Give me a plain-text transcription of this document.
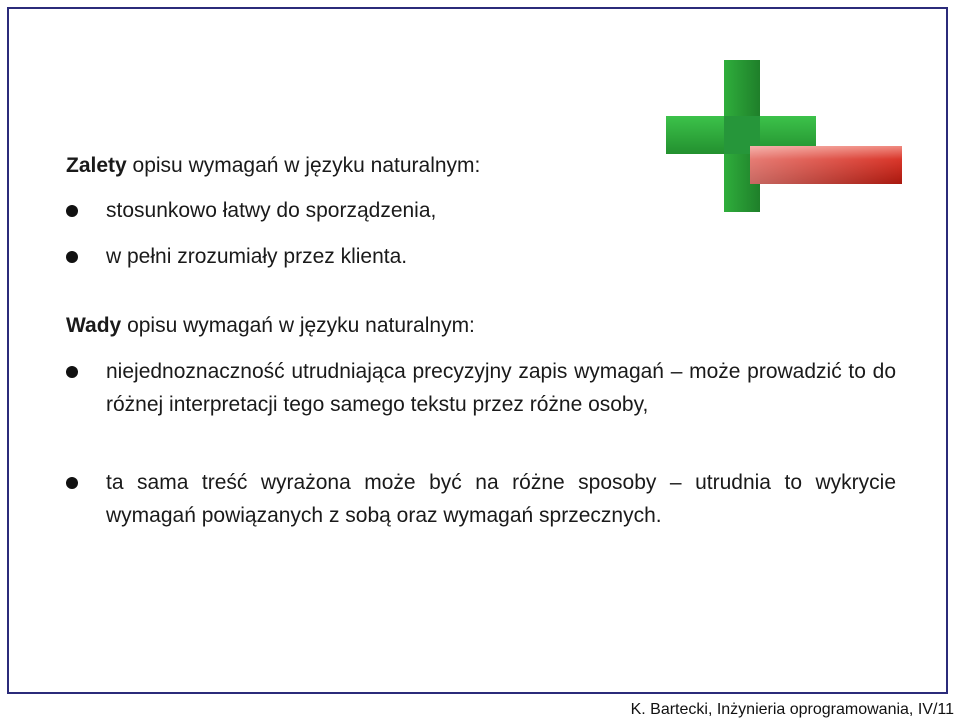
Zalety opisu wymagań w języku naturalnym:
stosunkowo łatwy do sporządzenia,
w pełni zrozumiały przez klienta.
Wady opisu wymagań w języku naturalnym:
niejednoznaczność utrudniająca precyzyjny zapis wymagań – może prowadzić to do różnej interpretacji tego samego tekstu przez różne osoby,
ta sama treść wyrażona może być na różne sposoby – utrudnia to wykrycie wymagań powiązanych z sobą oraz wymagań sprzecznych.
K. Bartecki, Inżynieria oprogramowania, IV/11
